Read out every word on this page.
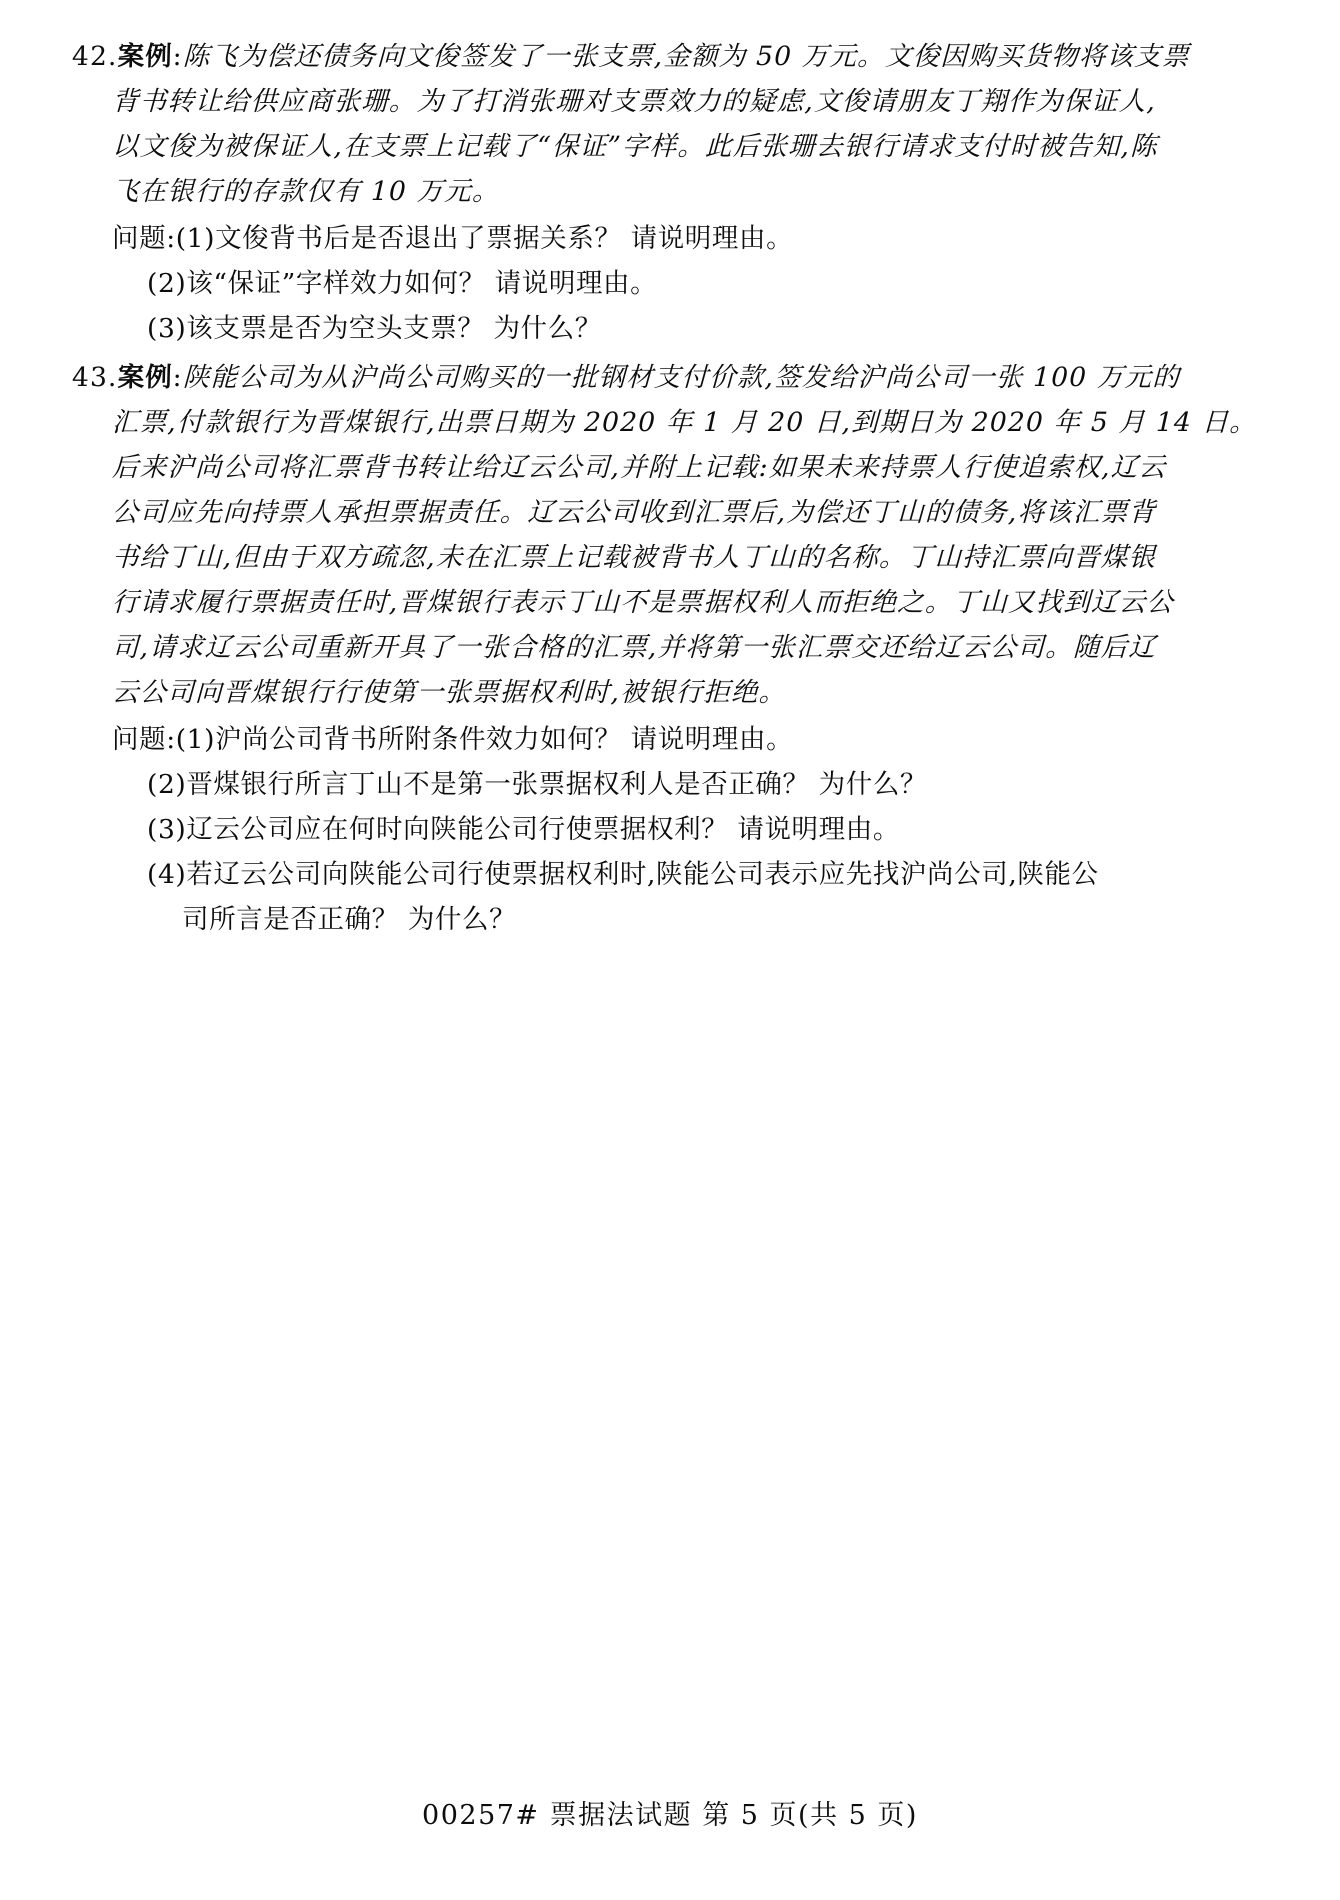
42.案例:陈飞为偿还债务向文俊签发了一张支票,金额为 50 万元。文俊因购买货物将该支票
背书转让给供应商张珊。为了打消张珊对支票效力的疑虑,文俊请朋友丁翔作为保证人,
以文俊为被保证人,在支票上记载了“保证”字样。此后张珊去银行请求支付时被告知,陈
飞在银行的存款仅有 10 万元。
问题:(1)文俊背书后是否退出了票据关系？ 请说明理由。
(2)该“保证”字样效力如何？ 请说明理由。
(3)该支票是否为空头支票？ 为什么？
43.案例:陕能公司为从沪尚公司购买的一批钢材支付价款,签发给沪尚公司一张 100 万元的
汇票,付款银行为晋煤银行,出票日期为 2020 年 1 月 20 日,到期日为 2020 年 5 月 14 日。
后来沪尚公司将汇票背书转让给辽云公司,并附上记载:如果未来持票人行使追索权,辽云
公司应先向持票人承担票据责任。辽云公司收到汇票后,为偿还丁山的债务,将该汇票背
书给丁山,但由于双方疏忽,未在汇票上记载被背书人丁山的名称。丁山持汇票向晋煤银
行请求履行票据责任时,晋煤银行表示丁山不是票据权利人而拒绝之。丁山又找到辽云公
司,请求辽云公司重新开具了一张合格的汇票,并将第一张汇票交还给辽云公司。随后辽
云公司向晋煤银行行使第一张票据权利时,被银行拒绝。
问题:(1)沪尚公司背书所附条件效力如何？ 请说明理由。
(2)晋煤银行所言丁山不是第一张票据权利人是否正确？ 为什么？
(3)辽云公司应在何时向陕能公司行使票据权利？ 请说明理由。
(4)若辽云公司向陕能公司行使票据权利时,陕能公司表示应先找沪尚公司,陕能公
司所言是否正确？ 为什么？
00257# 票据法试题 第 5 页(共 5 页)
